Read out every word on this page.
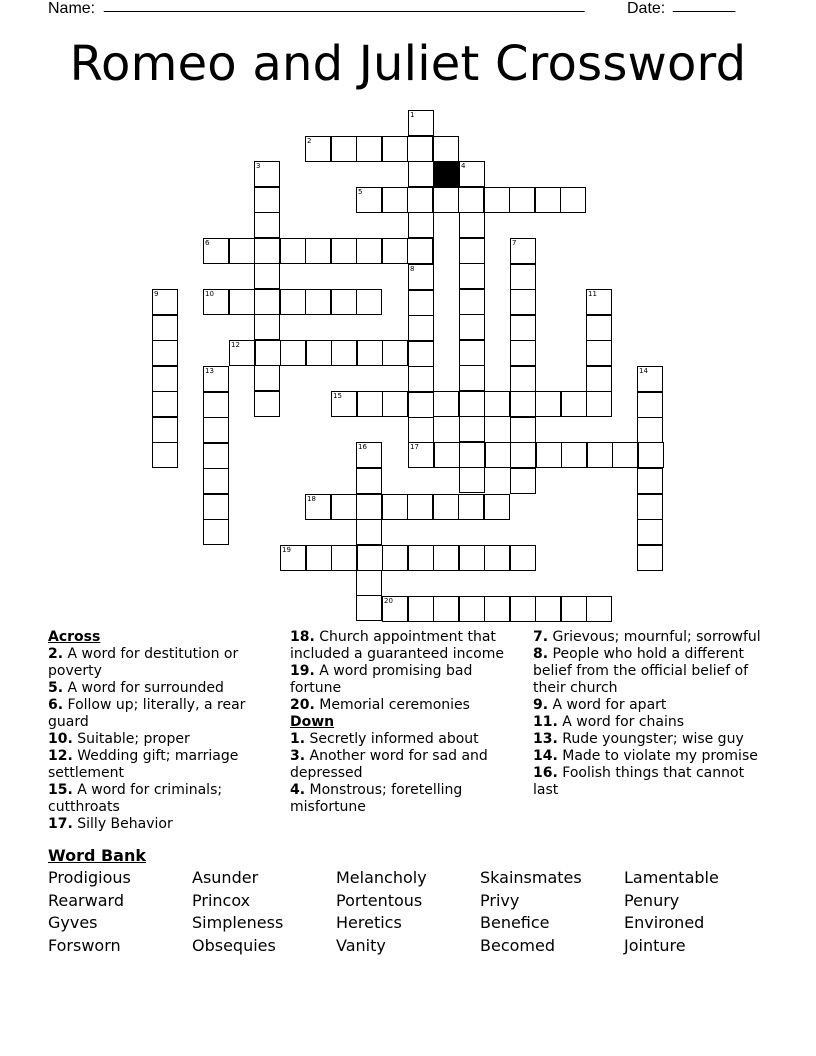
Name: ______________________________________________________	Date: _______
Romeo and Juliet Crossword
1
2
3	4
5
6	7
8
9	10	11
12
13	14
15
16	17
18
19
20
Across
2. A word for destitution or poverty
5. A word for surrounded
6. Follow up; literally, a rear guard
10. Suitable; proper
12. Wedding gift; marriage settlement
15. A word for criminals; cutthroats
17. Silly Behavior
18. Church appointment that included a guaranteed income
19. A word promising bad fortune
20. Memorial ceremonies
Down
1. Secretly informed about
3. Another word for sad and depressed
4. Monstrous; foretelling misfortune
7. Grievous; mournful; sorrowful
8. People who hold a different belief from the official belief of their church
9. A word for apart
11. A word for chains
13. Rude youngster; wise guy
14. Made to violate my promise
16. Foolish things that cannot last
Word Bank
Prodigious	Asunder	Melancholy	Skainsmates	Lamentable
Rearward	Princox	Portentous	Privy	Penury
Gyves	Simpleness	Heretics	Benefice	Environed
Forsworn	Obsequies	Vanity	Becomed	Jointure
